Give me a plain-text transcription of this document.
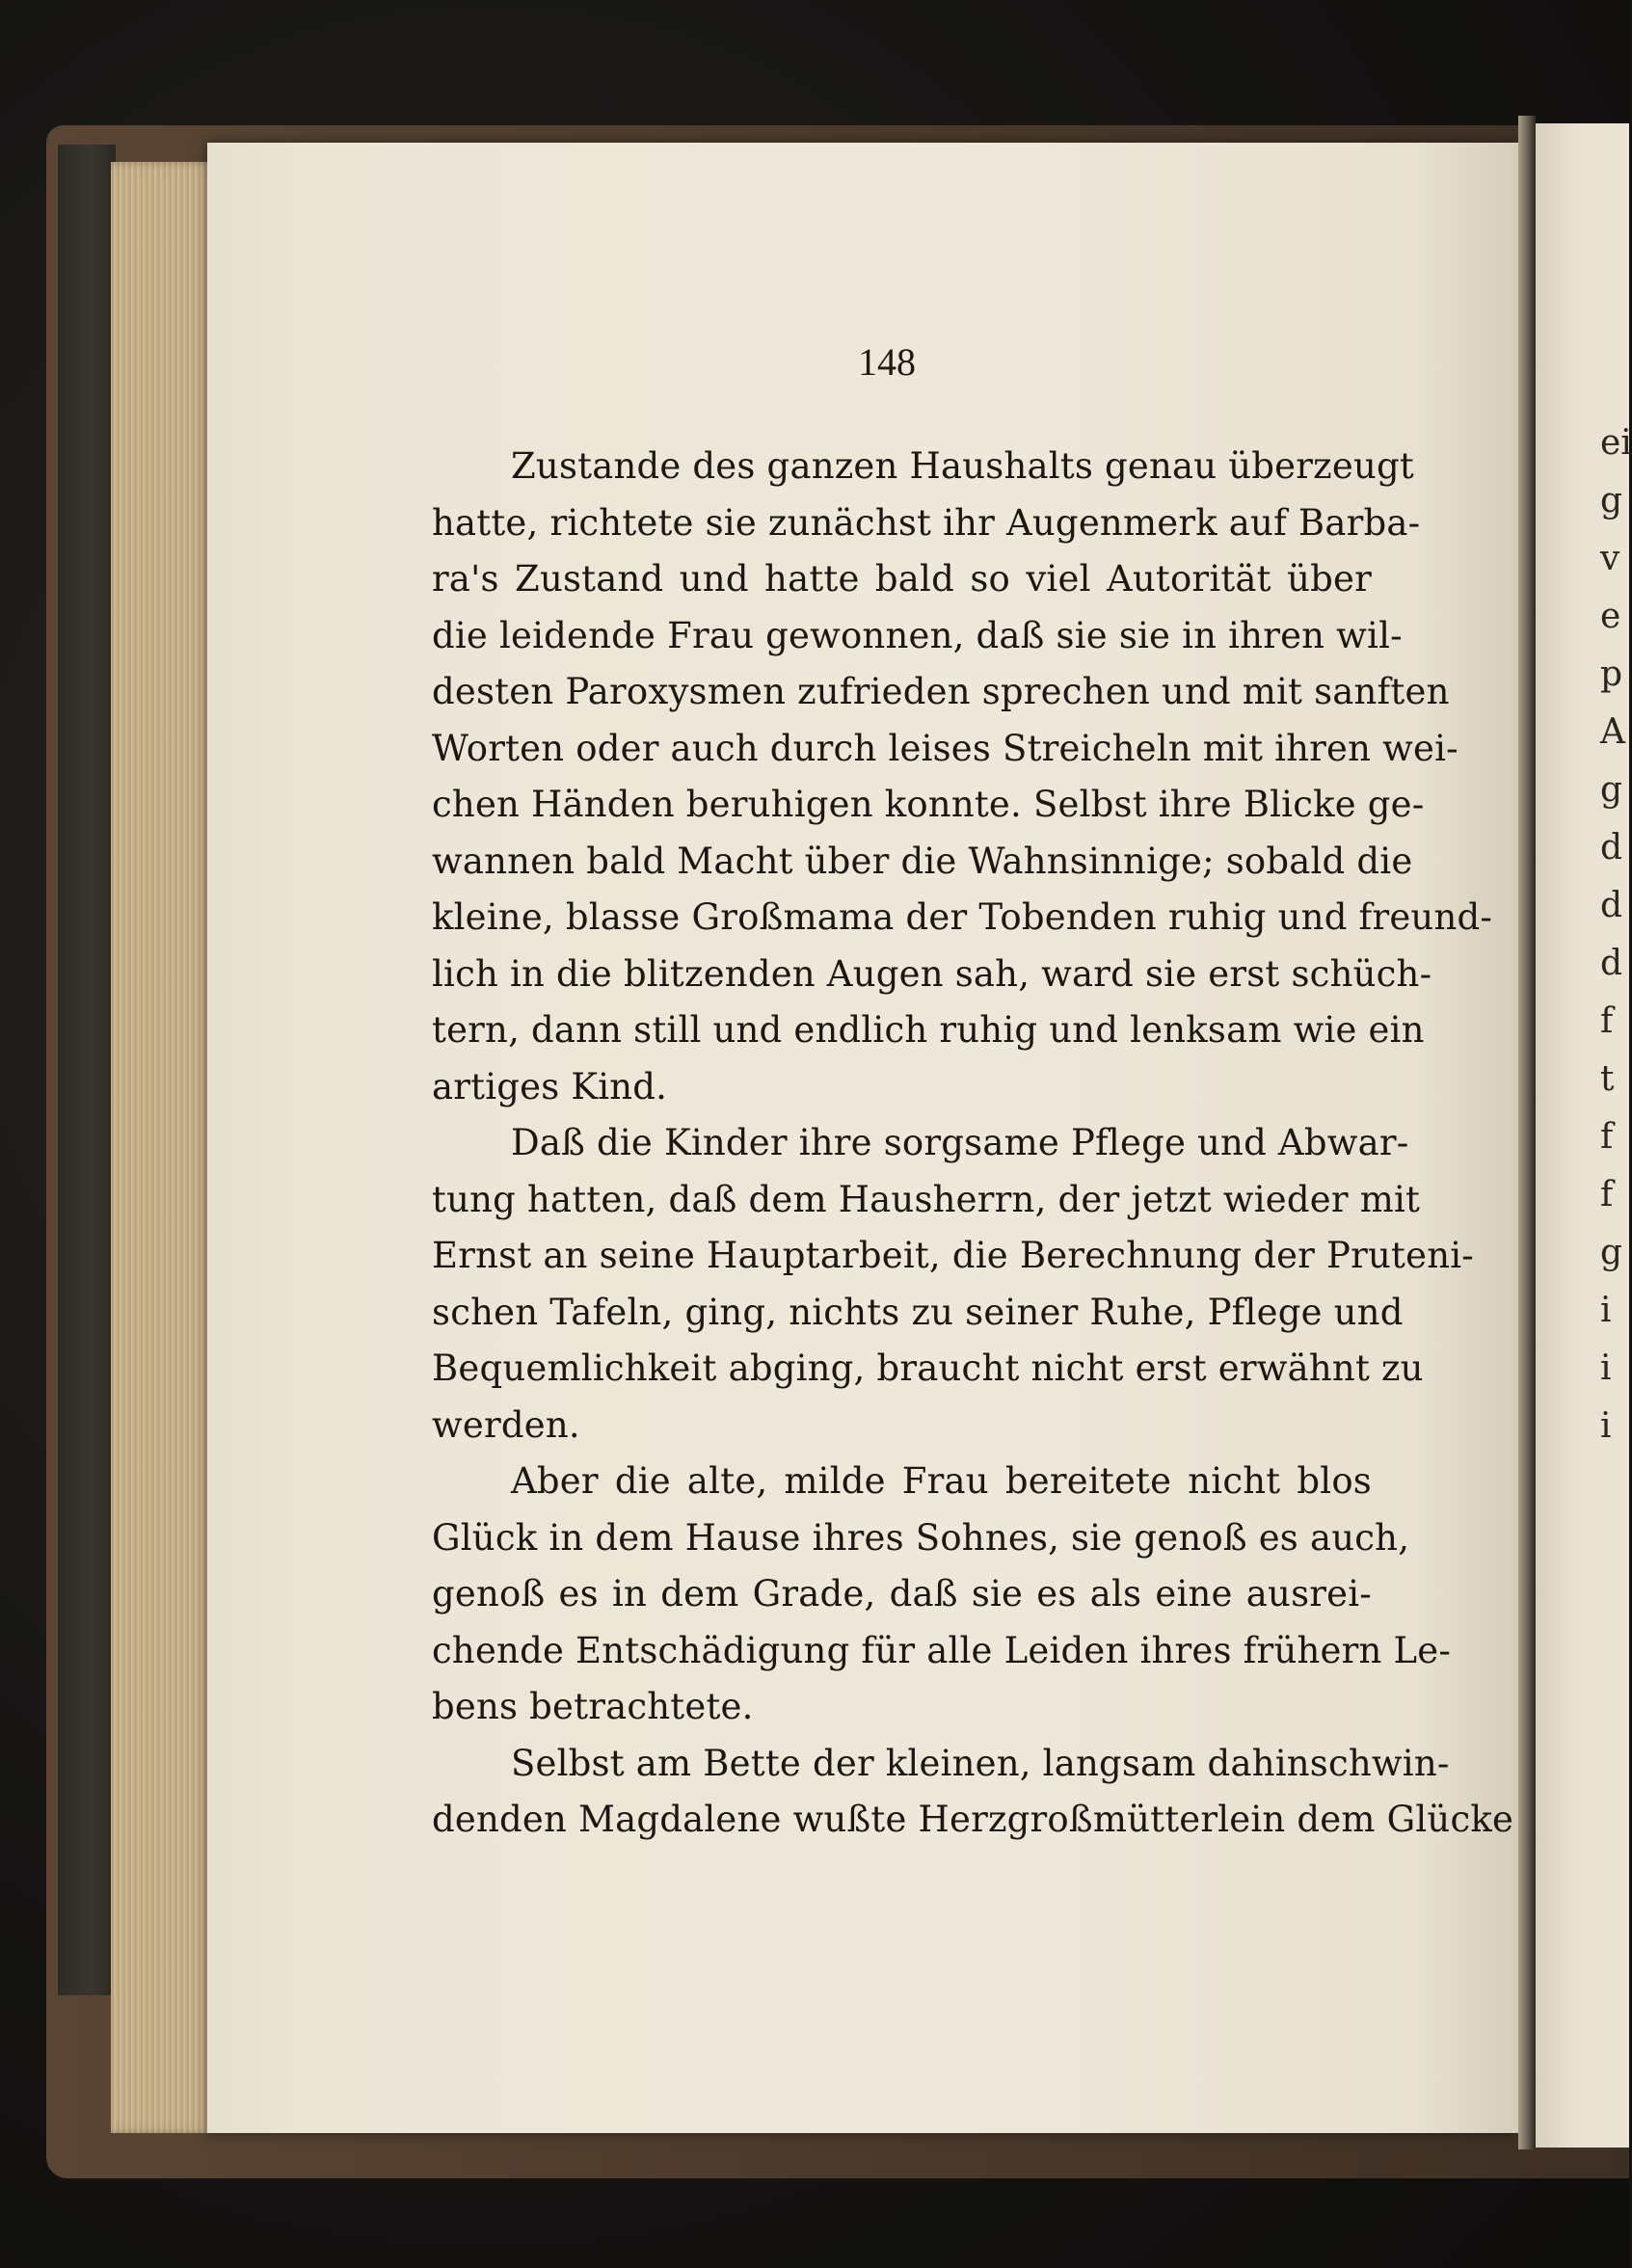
ei
g
v
e
p
A
g
d
d
d
f
t
f
f
g
i
i
i
148
Zustande des ganzen Haushalts genau überzeugt
hatte, richtete sie zunächst ihr Augenmerk auf Barba-
ra's Zustand und hatte bald so viel Autorität über
die leidende Frau gewonnen, daß sie sie in ihren wil-
desten Paroxysmen zufrieden sprechen und mit sanften
Worten oder auch durch leises Streicheln mit ihren wei-
chen Händen beruhigen konnte. Selbst ihre Blicke ge-
wannen bald Macht über die Wahnsinnige; sobald die
kleine, blasse Großmama der Tobenden ruhig und freund-
lich in die blitzenden Augen sah, ward sie erst schüch-
tern, dann still und endlich ruhig und lenksam wie ein
artiges Kind.
Daß die Kinder ihre sorgsame Pflege und Abwar-
tung hatten, daß dem Hausherrn, der jetzt wieder mit
Ernst an seine Hauptarbeit, die Berechnung der Pruteni-
schen Tafeln, ging, nichts zu seiner Ruhe, Pflege und
Bequemlichkeit abging, braucht nicht erst erwähnt zu
werden.
Aber die alte, milde Frau bereitete nicht blos
Glück in dem Hause ihres Sohnes, sie genoß es auch,
genoß es in dem Grade, daß sie es als eine ausrei-
chende Entschädigung für alle Leiden ihres frühern Le-
bens betrachtete.
Selbst am Bette der kleinen, langsam dahinschwin-
denden Magdalene wußte Herzgroßmütterlein dem Glücke
